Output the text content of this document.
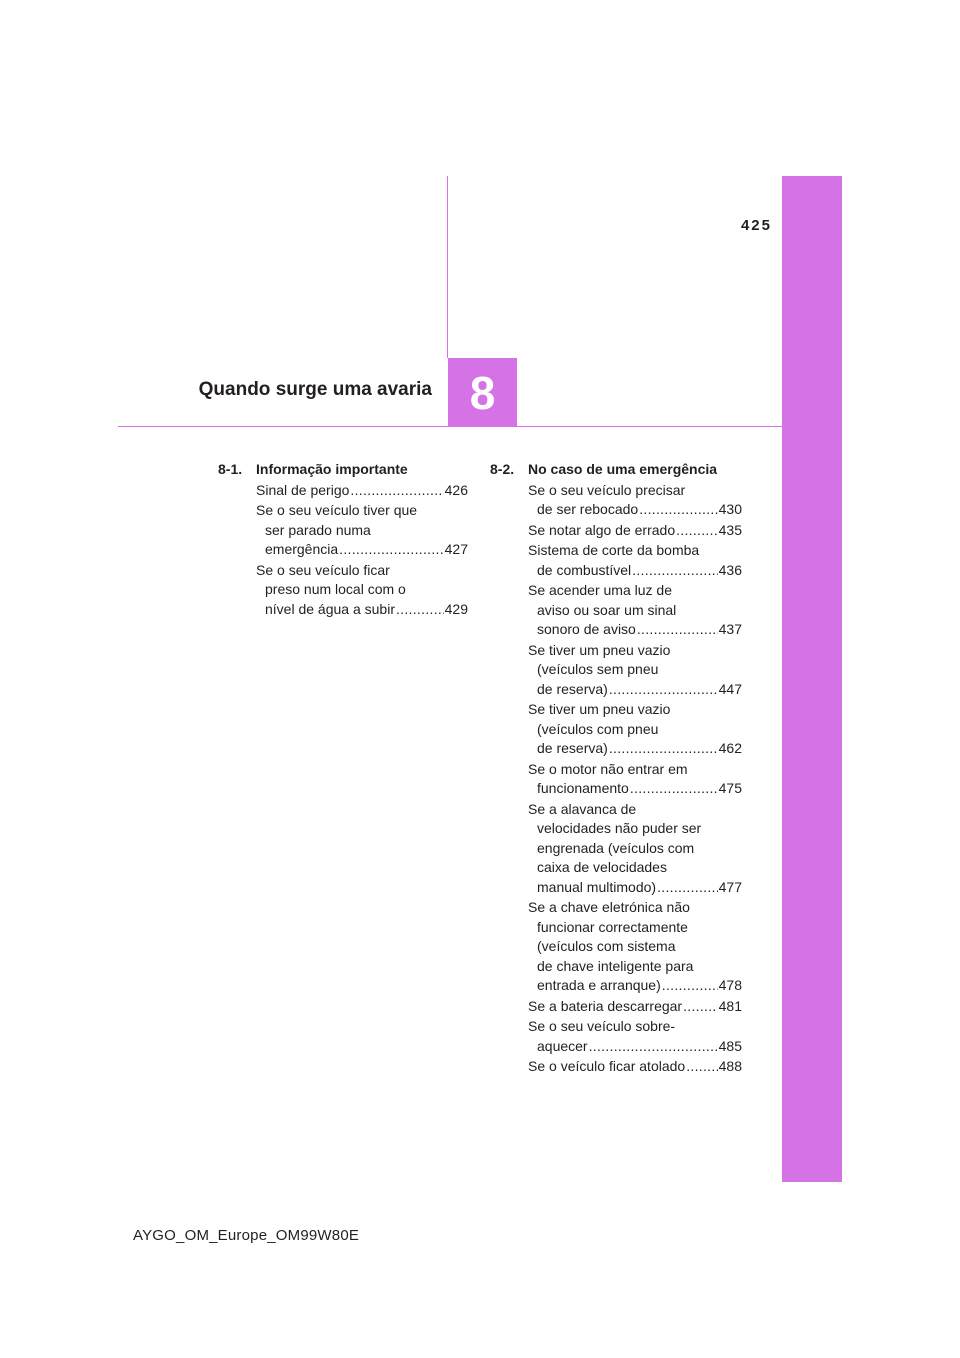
425
Quando surge uma avaria 8
8-1. Informação importante
Sinal de perigo .....	426
Se o seu veículo tiver que
ser parado numa
emergência .....	427
Se o seu veículo ficar
preso num local com o
nível de água a subir .....	429
8-2. No caso de uma emergência
Se o seu veículo precisar
de ser rebocado .....	430
Se notar algo de errado .....	435
Sistema de corte da bomba
de combustível .....	436
Se acender uma luz de
aviso ou soar um sinal
sonoro de aviso .....	437
Se tiver um pneu vazio
(veículos sem pneu
de reserva) .....	447
Se tiver um pneu vazio
(veículos com pneu
de reserva) .....	462
Se o motor não entrar em
funcionamento .....	475
Se a alavanca de
velocidades não puder ser
engrenada (veículos com
caixa de velocidades
manual multimodo) .....	477
Se a chave eletrónica não
funcionar correctamente
(veículos com sistema
de chave inteligente para
entrada e arranque) .....	478
Se a bateria descarregar .....	481
Se o seu veículo sobre-
aquecer .....	485
Se o veículo ficar atolado ..... 488
AYGO_OM_Europe_OM99W80E
